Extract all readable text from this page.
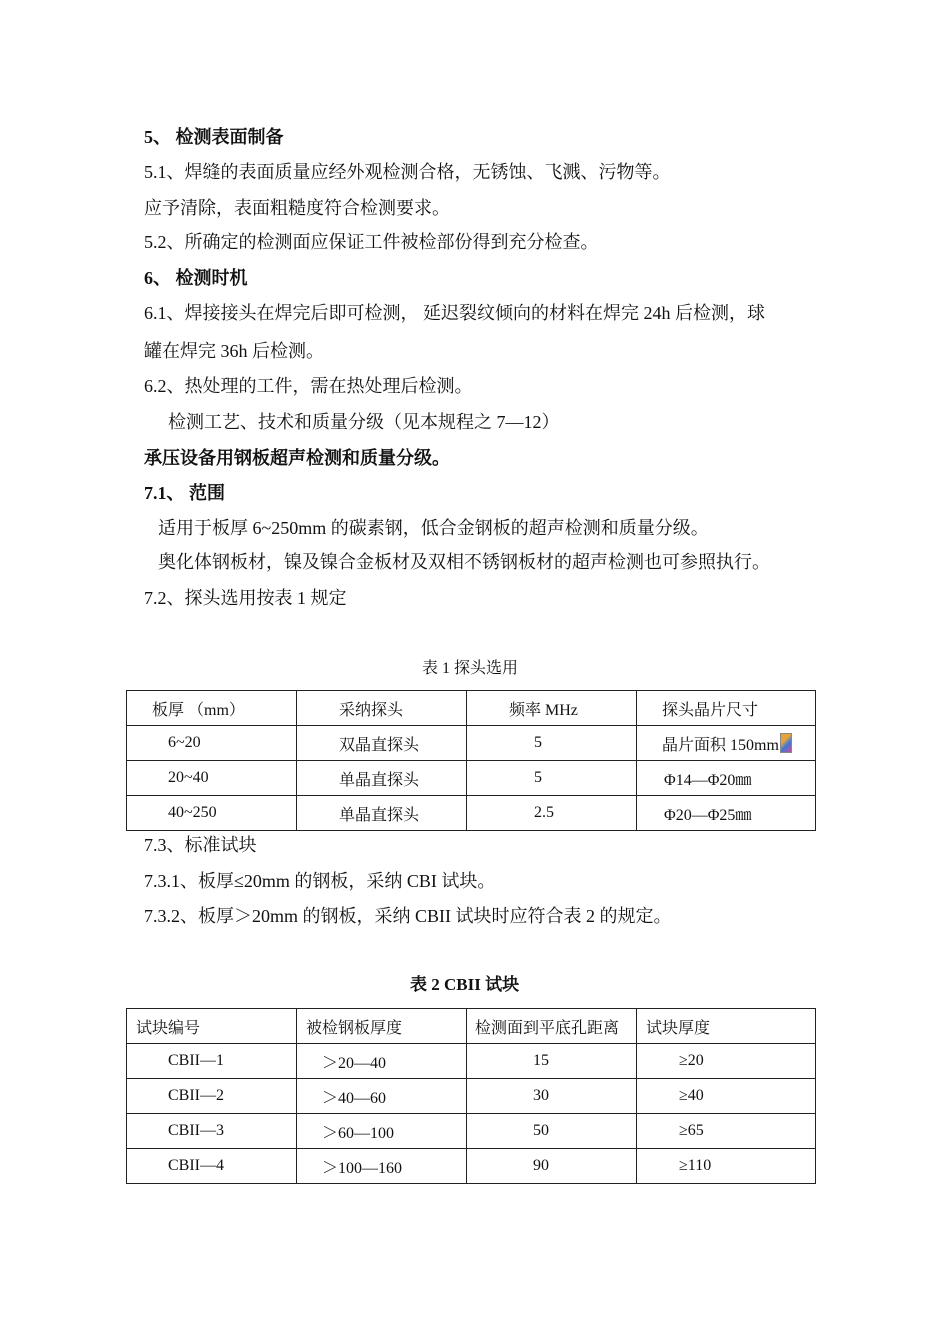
5、 检测表面制备
5.1、焊缝的表面质量应经外观检测合格，无锈蚀、飞溅、污物等。
应予清除，表面粗糙度符合检测要求。
5.2、所确定的检测面应保证工件被检部份得到充分检查。
6、 检测时机
6.1、焊接接头在焊完后即可检测， 延迟裂纹倾向的材料在焊完 24h 后检测，球
罐在焊完 36h 后检测。
6.2、热处理的工件，需在热处理后检测。
检测工艺、技术和质量分级（见本规程之 7—12）
承压设备用钢板超声检测和质量分级。
7.1、 范围
适用于板厚 6~250mm 的碳素钢，低合金钢板的超声检测和质量分级。
奥化体钢板材，镍及镍合金板材及双相不锈钢板材的超声检测也可参照执行。
7.2、探头选用按表 1 规定
表 1 探头选用
板厚 （mm）	采纳探头	频率 MHz	探头晶片尺寸
6~20	双晶直探头	5	晶片面积 150mm
20~40	单晶直探头	5	Φ14—Φ20㎜
40~250	单晶直探头	2.5	Φ20—Φ25㎜
7.3、标准试块
7.3.1、板厚≤20mm 的钢板，采纳 CBI 试块。
7.3.2、板厚＞20mm 的钢板，采纳 CBII 试块时应符合表 2 的规定。
表 2 CBII 试块
试块编号	被检钢板厚度	检测面到平底孔距离	试块厚度
CBII—1	＞20—40	15	≥20
CBII—2	＞40—60	30	≥40
CBII—3	＞60—100	50	≥65
CBII—4	＞100—160	90	≥110
